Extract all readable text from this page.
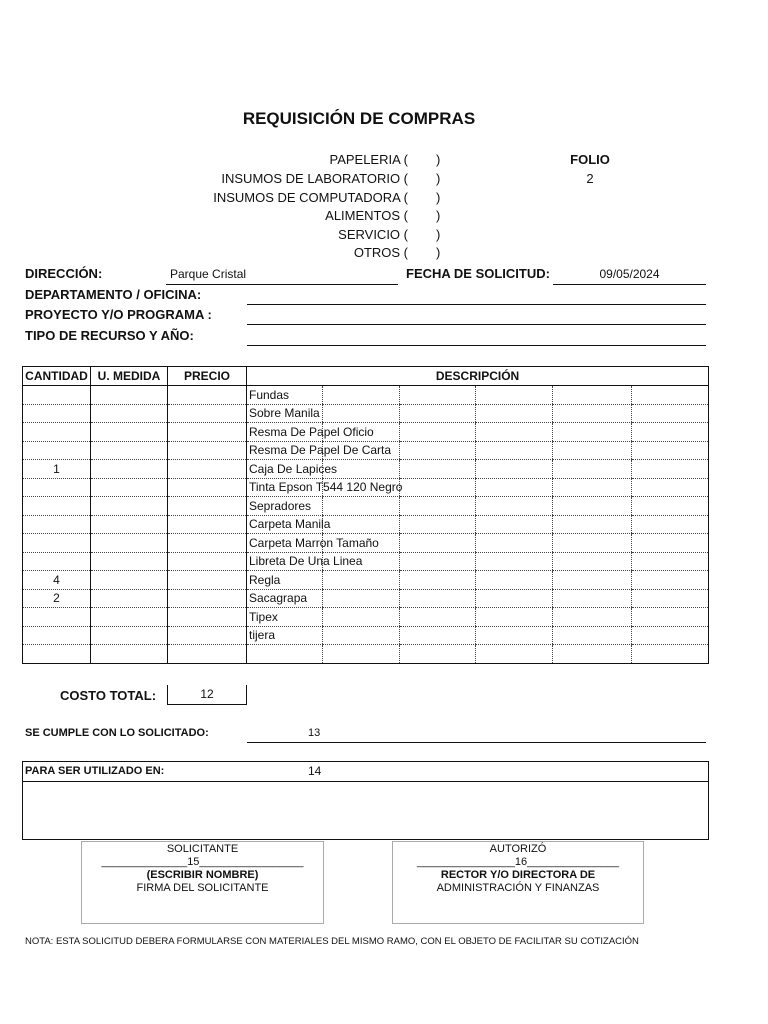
REQUISICIÓN DE COMPRAS
PAPELERIA ( )
INSUMOS DE LABORATORIO ( )
INSUMOS DE COMPUTADORA ( )
ALIMENTOS ( )
SERVICIO ( )
OTROS ( )
FOLIO
2
DIRECCIÓN:	Parque Cristal	FECHA DE SOLICITUD:	09/05/2024
DEPARTAMENTO / OFICINA:
PROYECTO Y/O PROGRAMA :
TIPO DE RECURSO Y AÑO:
CANTIDAD	U. MEDIDA	PRECIO	DESCRIPCIÓN					
			Fundas					
			Sobre Manila					
			Resma De Papel Oficio					
			Resma De Papel De Carta					
1			Caja De Lapices					
			Tinta Epson T544 120 Negro					
			Sepradores					
			Carpeta Manila					
			Carpeta Marron Tamaño					
			Libreta De Una Linea					
4			Regla					
2			Sacagrapa					
			Tipex					
			tijera					

COSTO TOTAL:	12
SE CUMPLE CON LO SOLICITADO:	13
PARA SER UTILIZADO EN:	14
SOLICITANTE
______________15_________________
(ESCRIBIR NOMBRE)
FIRMA DEL SOLICITANTE
AUTORIZÓ
________________16_______________
RECTOR Y/O DIRECTORA DE
ADMINISTRACIÓN Y FINANZAS
NOTA: ESTA SOLICITUD DEBERA FORMULARSE CON MATERIALES DEL MISMO RAMO, CON EL OBJETO DE FACILITAR SU COTIZACIÓN
